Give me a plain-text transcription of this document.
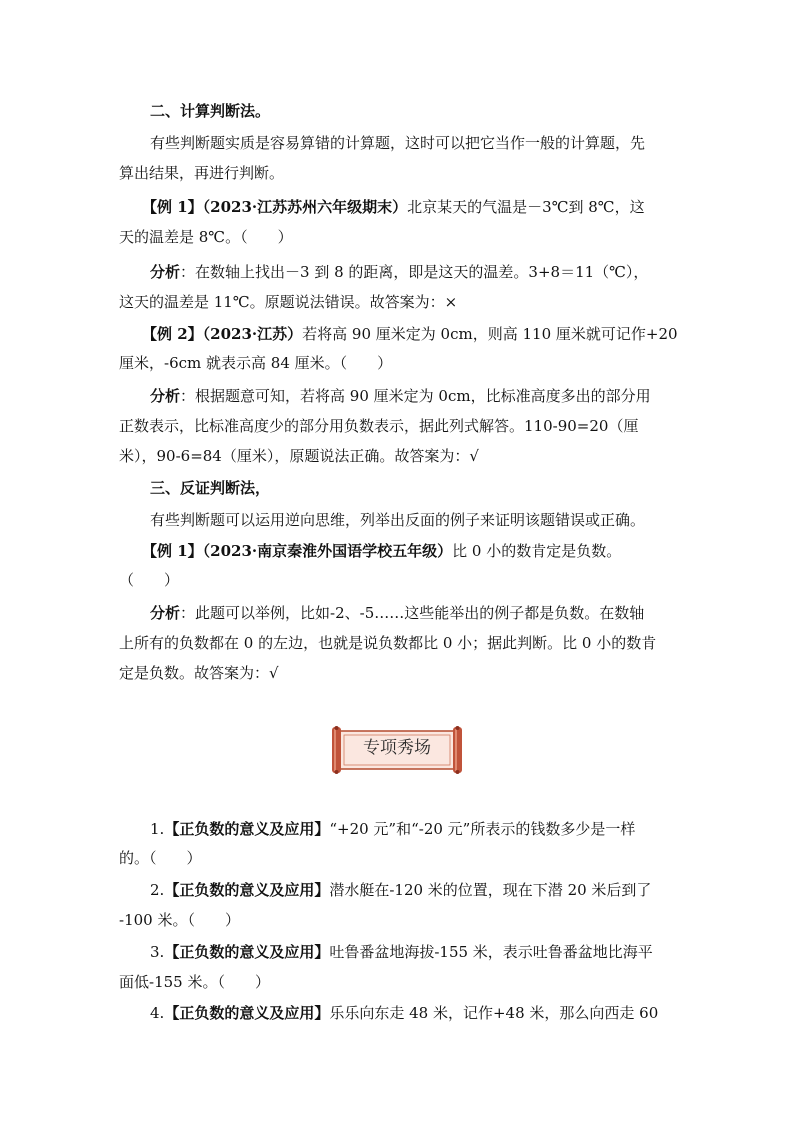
二、计算判断法。
有些判断题实质是容易算错的计算题，这时可以把它当作一般的计算题，先
算出结果，再进行判断。
【例 1】（2023·江苏苏州六年级期末）北京某天的气温是－3℃到 8℃，这
天的温差是 8℃。（　　）
分析：在数轴上找出－3 到 8 的距离，即是这天的温差。3+8＝11（℃），
这天的温差是 11℃。原题说法错误。故答案为：×
【例 2】（2023·江苏）若将高 90 厘米定为 0cm，则高 110 厘米就可记作+20
厘米，-6cm 就表示高 84 厘米。（　　）
分析：根据题意可知，若将高 90 厘米定为 0cm，比标准高度多出的部分用
正数表示，比标准高度少的部分用负数表示，据此列式解答。110-90=20（厘
米），90-6=84（厘米），原题说法正确。故答案为：√
三、反证判断法，
有些判断题可以运用逆向思维，列举出反面的例子来证明该题错误或正确。
【例 1】（2023·南京秦淮外国语学校五年级）比 0 小的数肯定是负数。
（　　）
分析：此题可以举例，比如-2、-5……这些能举出的例子都是负数。在数轴
上所有的负数都在 0 的左边，也就是说负数都比 0 小；据此判断。比 0 小的数肯
定是负数。故答案为：√
专项秀场
1.【正负数的意义及应用】“+20 元”和“-20 元”所表示的钱数多少是一样
的。（　　）
2.【正负数的意义及应用】潜水艇在-120 米的位置，现在下潜 20 米后到了
-100 米。（　　）
3.【正负数的意义及应用】吐鲁番盆地海拔-155 米，表示吐鲁番盆地比海平
面低-155 米。（　　）
4.【正负数的意义及应用】乐乐向东走 48 米，记作+48 米，那么向西走 60
